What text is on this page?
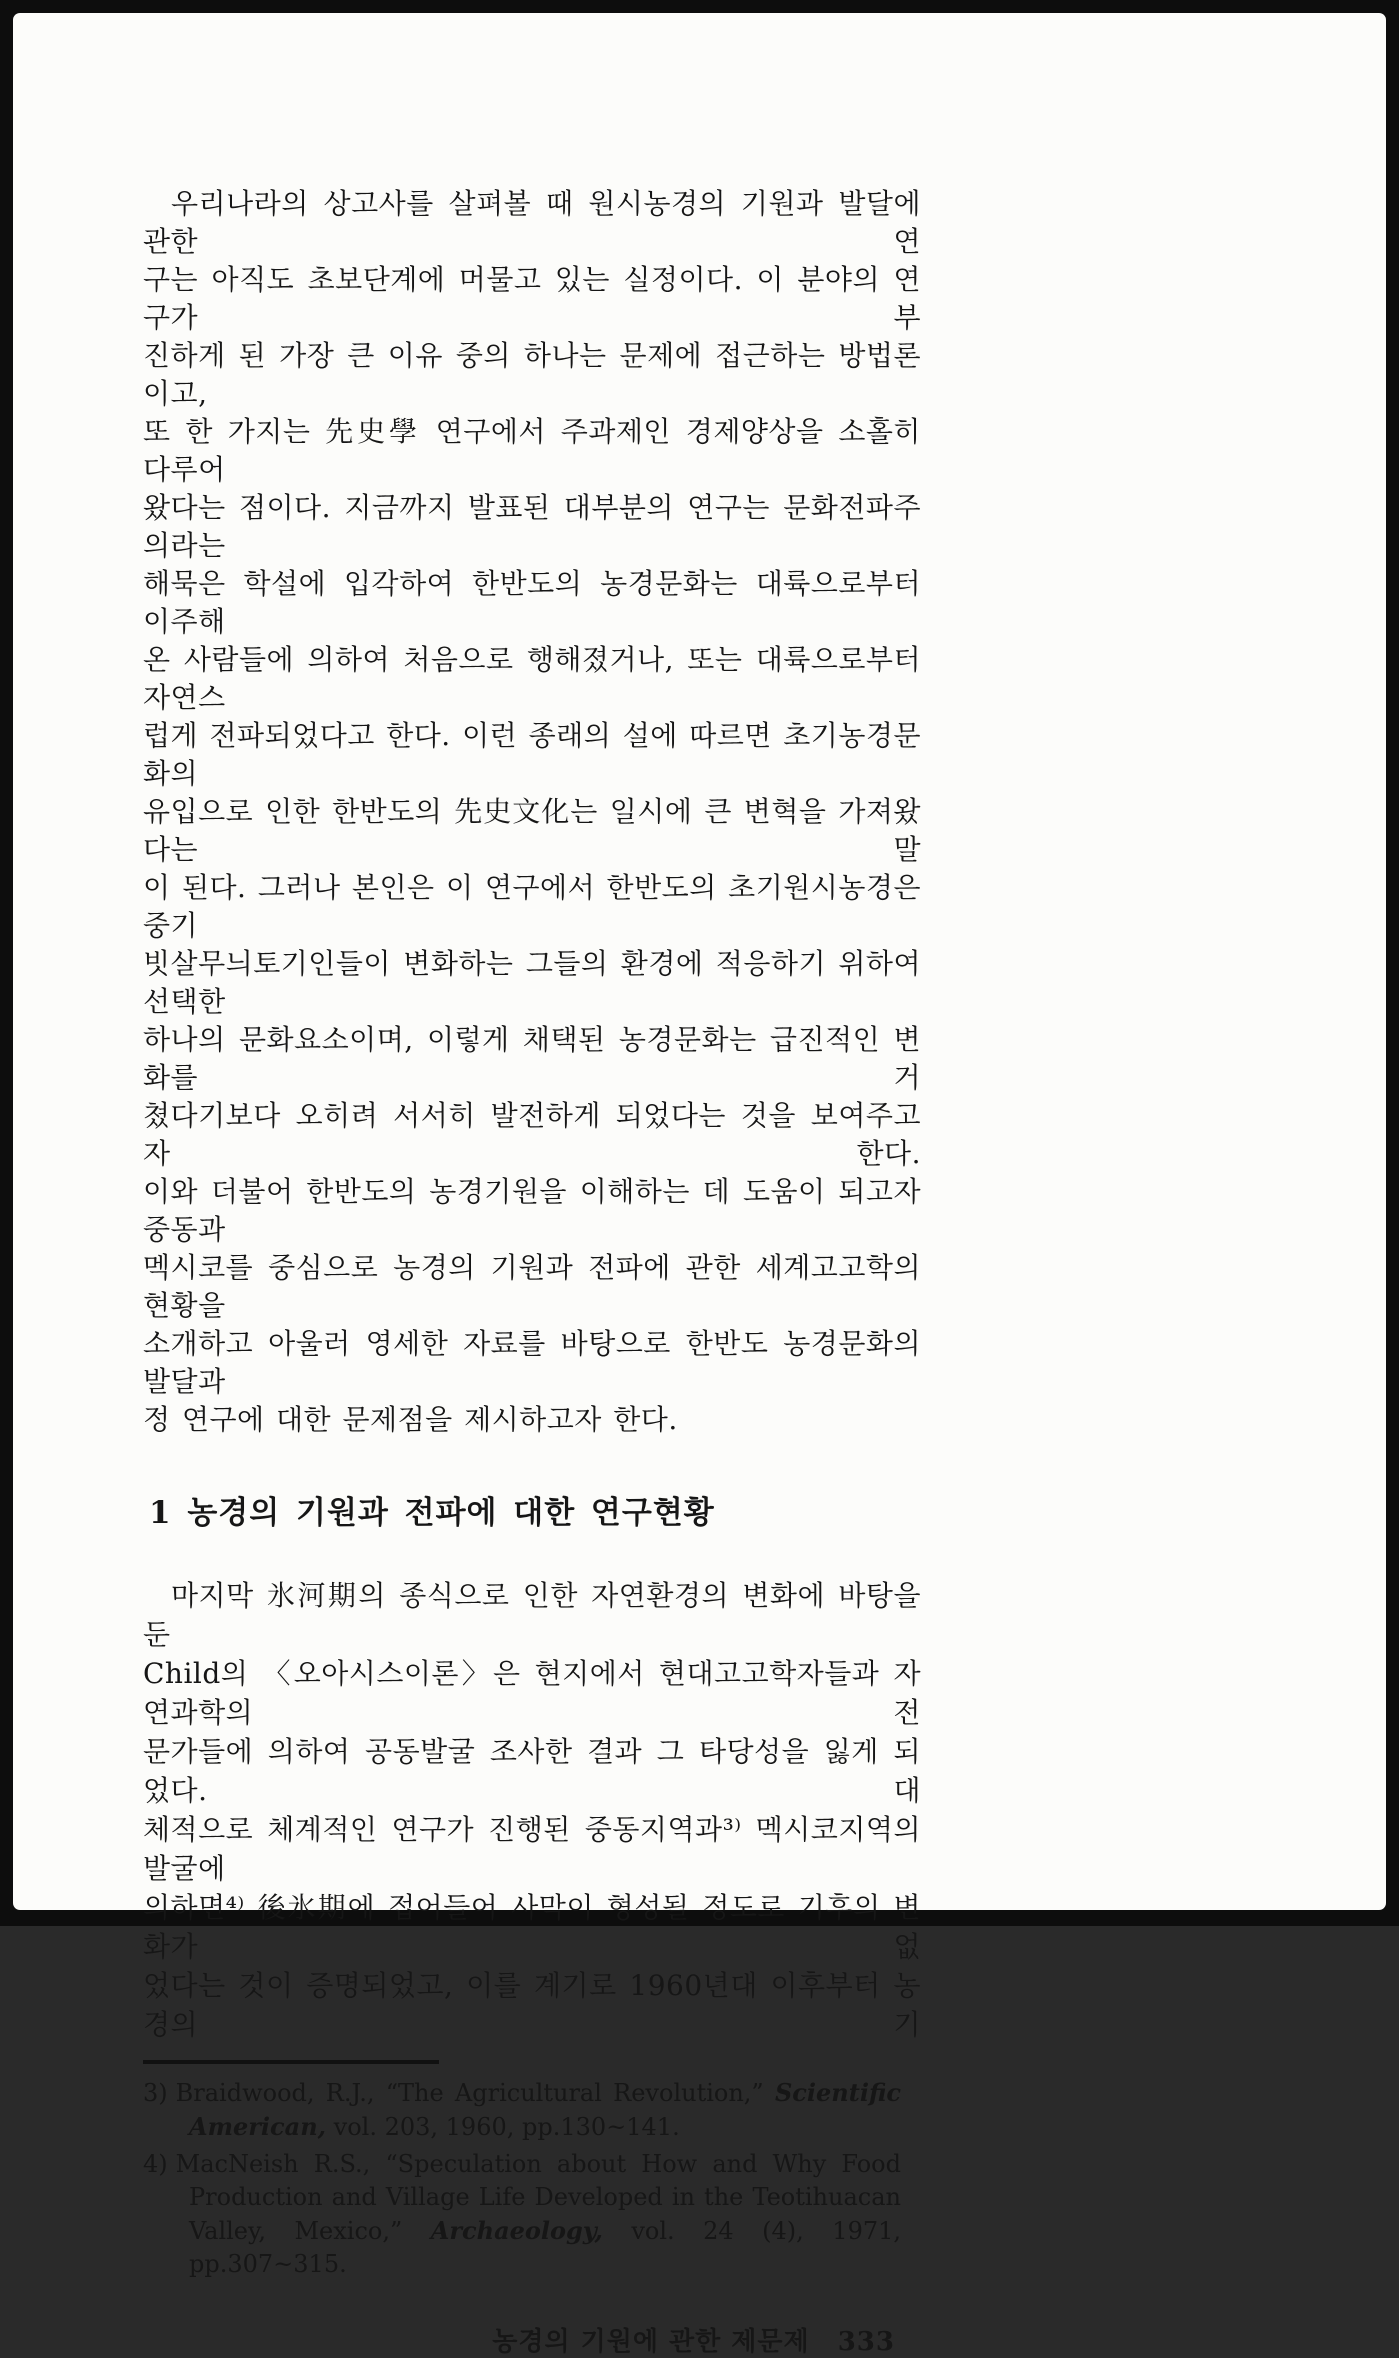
우리나라의 상고사를 살펴볼 때 원시농경의 기원과 발달에 관한 연
구는 아직도 초보단계에 머물고 있는 실정이다. 이 분야의 연구가 부
진하게 된 가장 큰 이유 중의 하나는 문제에 접근하는 방법론이고,
또 한 가지는 先史學 연구에서 주과제인 경제양상을 소홀히 다루어
왔다는 점이다. 지금까지 발표된 대부분의 연구는 문화전파주의라는
해묵은 학설에 입각하여 한반도의 농경문화는 대륙으로부터 이주해
온 사람들에 의하여 처음으로 행해졌거나, 또는 대륙으로부터 자연스
럽게 전파되었다고 한다. 이런 종래의 설에 따르면 초기농경문화의
유입으로 인한 한반도의 先史文化는 일시에 큰 변혁을 가져왔다는 말
이 된다. 그러나 본인은 이 연구에서 한반도의 초기원시농경은 중기
빗살무늬토기인들이 변화하는 그들의 환경에 적응하기 위하여 선택한
하나의 문화요소이며, 이렇게 채택된 농경문화는 급진적인 변화를 거
쳤다기보다 오히려 서서히 발전하게 되었다는 것을 보여주고자 한다.
이와 더불어 한반도의 농경기원을 이해하는 데 도움이 되고자 중동과
멕시코를 중심으로 농경의 기원과 전파에 관한 세계고고학의 현황을
소개하고 아울러 영세한 자료를 바탕으로 한반도 농경문화의 발달과
정 연구에 대한 문제점을 제시하고자 한다.
1 농경의 기원과 전파에 대한 연구현황
마지막 氷河期의 종식으로 인한 자연환경의 변화에 바탕을 둔
Child의 〈오아시스이론〉은 현지에서 현대고고학자들과 자연과학의 전
문가들에 의하여 공동발굴 조사한 결과 그 타당성을 잃게 되었다. 대
체적으로 체계적인 연구가 진행된 중동지역과³⁾ 멕시코지역의 발굴에
의하면⁴⁾ 後氷期에 접어들어 사막이 형성될 정도로 기후의 변화가 없
었다는 것이 증명되었고, 이를 계기로 1960년대 이후부터 농경의 기
3) Braidwood, R.J., “The Agricultural Revolution,” Scientific American, vol. 203, 1960, pp.130~141.
4) MacNeish R.S., “Speculation about How and Why Food Production and Village Life Developed in the Teotihuacan Valley, Mexico,” Archaeology, vol. 24 (4), 1971, pp.307~315.
농경의 기원에 관한 제문제 333
